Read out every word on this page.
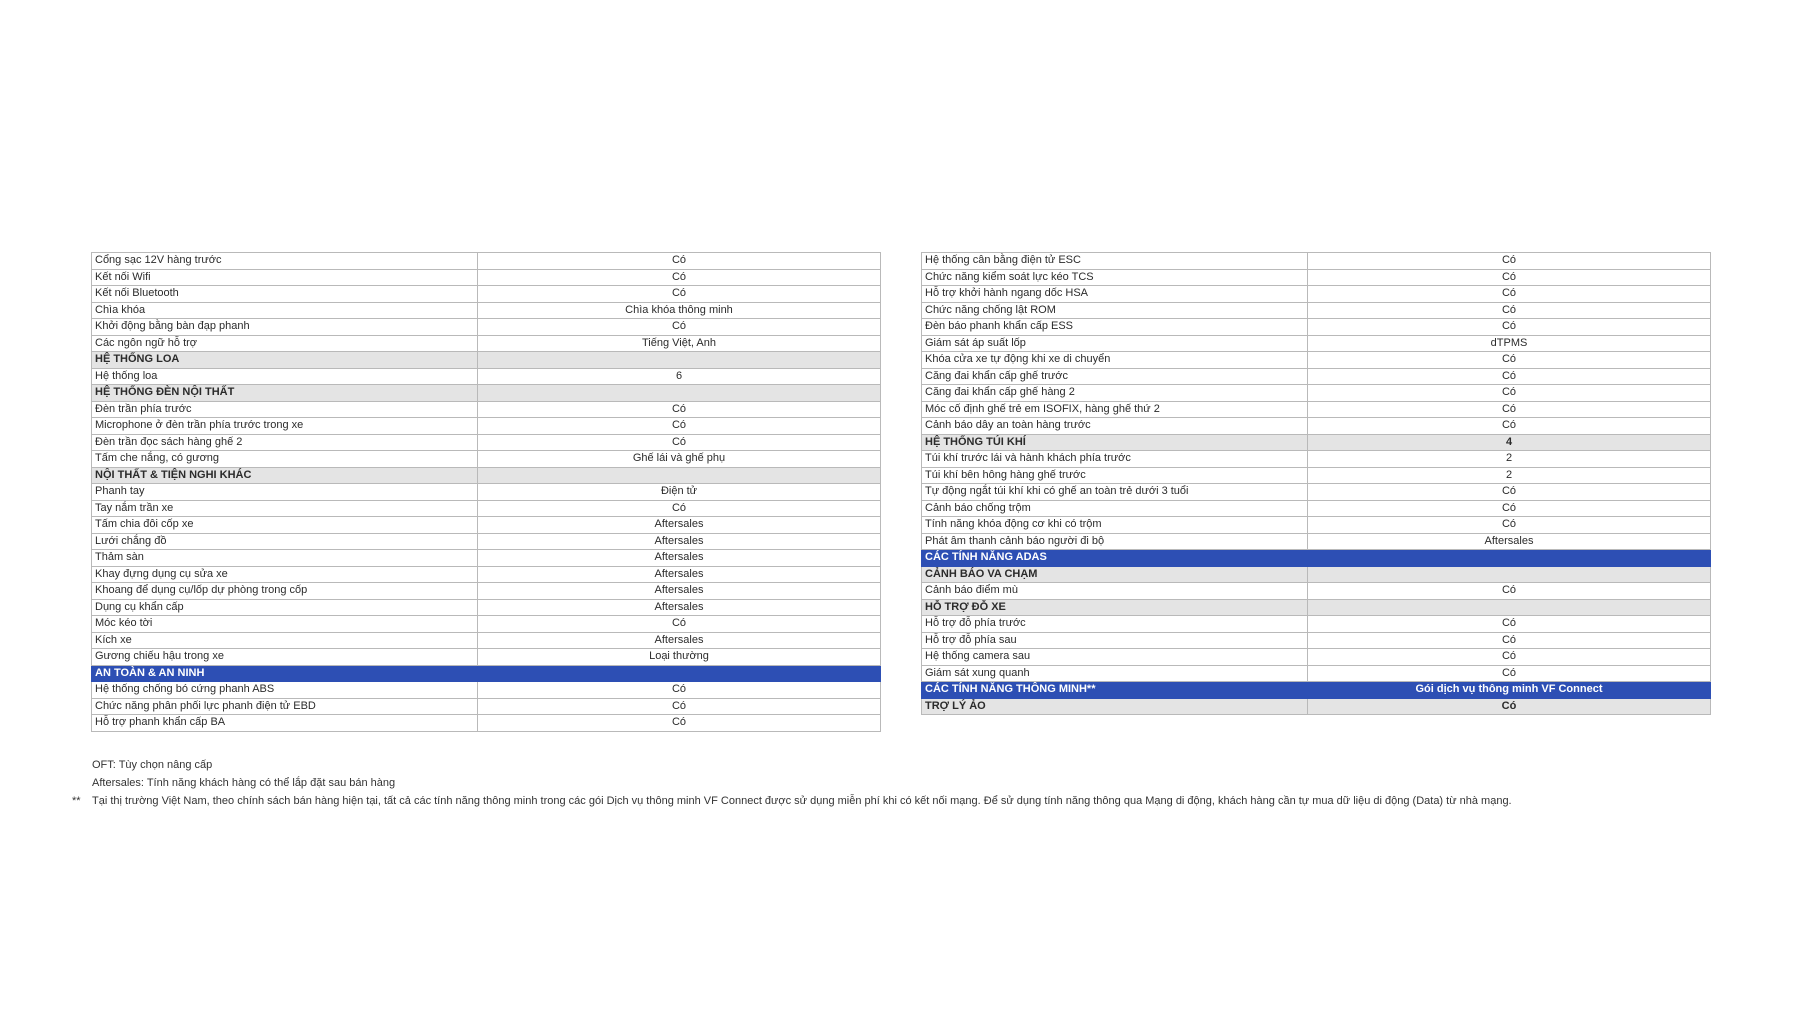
Cổng sạc 12V hàng trước	Có
Kết nối Wifi	Có
Kết nối Bluetooth	Có
Chìa khóa	Chìa khóa thông minh
Khởi động bằng bàn đạp phanh	Có
Các ngôn ngữ hỗ trợ	Tiếng Việt, Anh
HỆ THỐNG LOA	
Hệ thống loa	6
HỆ THỐNG ĐÈN NỘI THẤT	
Đèn trần phía trước	Có
Microphone ở đèn trần phía trước trong xe	Có
Đèn trần đọc sách hàng ghế 2	Có
Tấm che nắng, có gương	Ghế lái và ghế phụ
NỘI THẤT & TIỆN NGHI KHÁC	
Phanh tay	Điện tử
Tay nắm trần xe	Có
Tấm chia đôi cốp xe	Aftersales
Lưới chắng đồ	Aftersales
Thảm sàn	Aftersales
Khay đựng dụng cụ sửa xe	Aftersales
Khoang để dụng cụ/lốp dự phòng trong cốp	Aftersales
Dụng cụ khẩn cấp	Aftersales
Móc kéo tời	Có
Kích xe	Aftersales
Gương chiếu hậu trong xe	Loại thường
AN TOÀN & AN NINH	
Hệ thống chống bó cứng phanh ABS	Có
Chức năng phân phối lực phanh điện tử EBD	Có
Hỗ trợ phanh khẩn cấp BA	Có
Hệ thống cân bằng điện tử ESC	Có
Chức năng kiểm soát lực kéo TCS	Có
Hỗ trợ khởi hành ngang dốc HSA	Có
Chức năng chống lật ROM	Có
Đèn báo phanh khẩn cấp ESS	Có
Giám sát áp suất lốp	dTPMS
Khóa cửa xe tự động khi xe di chuyển	Có
Căng đai khẩn cấp ghế trước	Có
Căng đai khẩn cấp ghế hàng 2	Có
Móc cố định ghế trẻ em ISOFIX, hàng ghế thứ 2	Có
Cảnh báo dây an toàn hàng trước	Có
HỆ THỐNG TÚI KHÍ	4
Túi khí trước lái và hành khách phía trước	2
Túi khí bên hông hàng ghế trước	2
Tự động ngắt túi khí khi có ghế an toàn trẻ dưới 3 tuổi	Có
Cảnh báo chống trộm	Có
Tính năng khóa động cơ khi có trộm	Có
Phát âm thanh cảnh báo người đi bộ	Aftersales
CÁC TÍNH NĂNG ADAS	
CẢNH BÁO VA CHẠM	
Cảnh báo điểm mù	Có
HỖ TRỢ ĐỖ XE	
Hỗ trợ đỗ phía trước	Có
Hỗ trợ đỗ phía sau	Có
Hệ thống camera sau	Có
Giám sát xung quanh	Có
CÁC TÍNH NĂNG THÔNG MINH**	Gói dịch vụ thông minh VF Connect
TRỢ LÝ ẢO	Có
OFT: Tùy chọn nâng cấp
Aftersales: Tính năng khách hàng có thể lắp đặt sau bán hàng
** Tại thị trường Việt Nam, theo chính sách bán hàng hiện tại, tất cả các tính năng thông minh trong các gói Dịch vụ thông minh VF Connect được sử dụng miễn phí khi có kết nối mạng. Để sử dụng tính năng thông qua Mạng di động, khách hàng cần tự mua dữ liệu di động (Data) từ nhà mạng.
